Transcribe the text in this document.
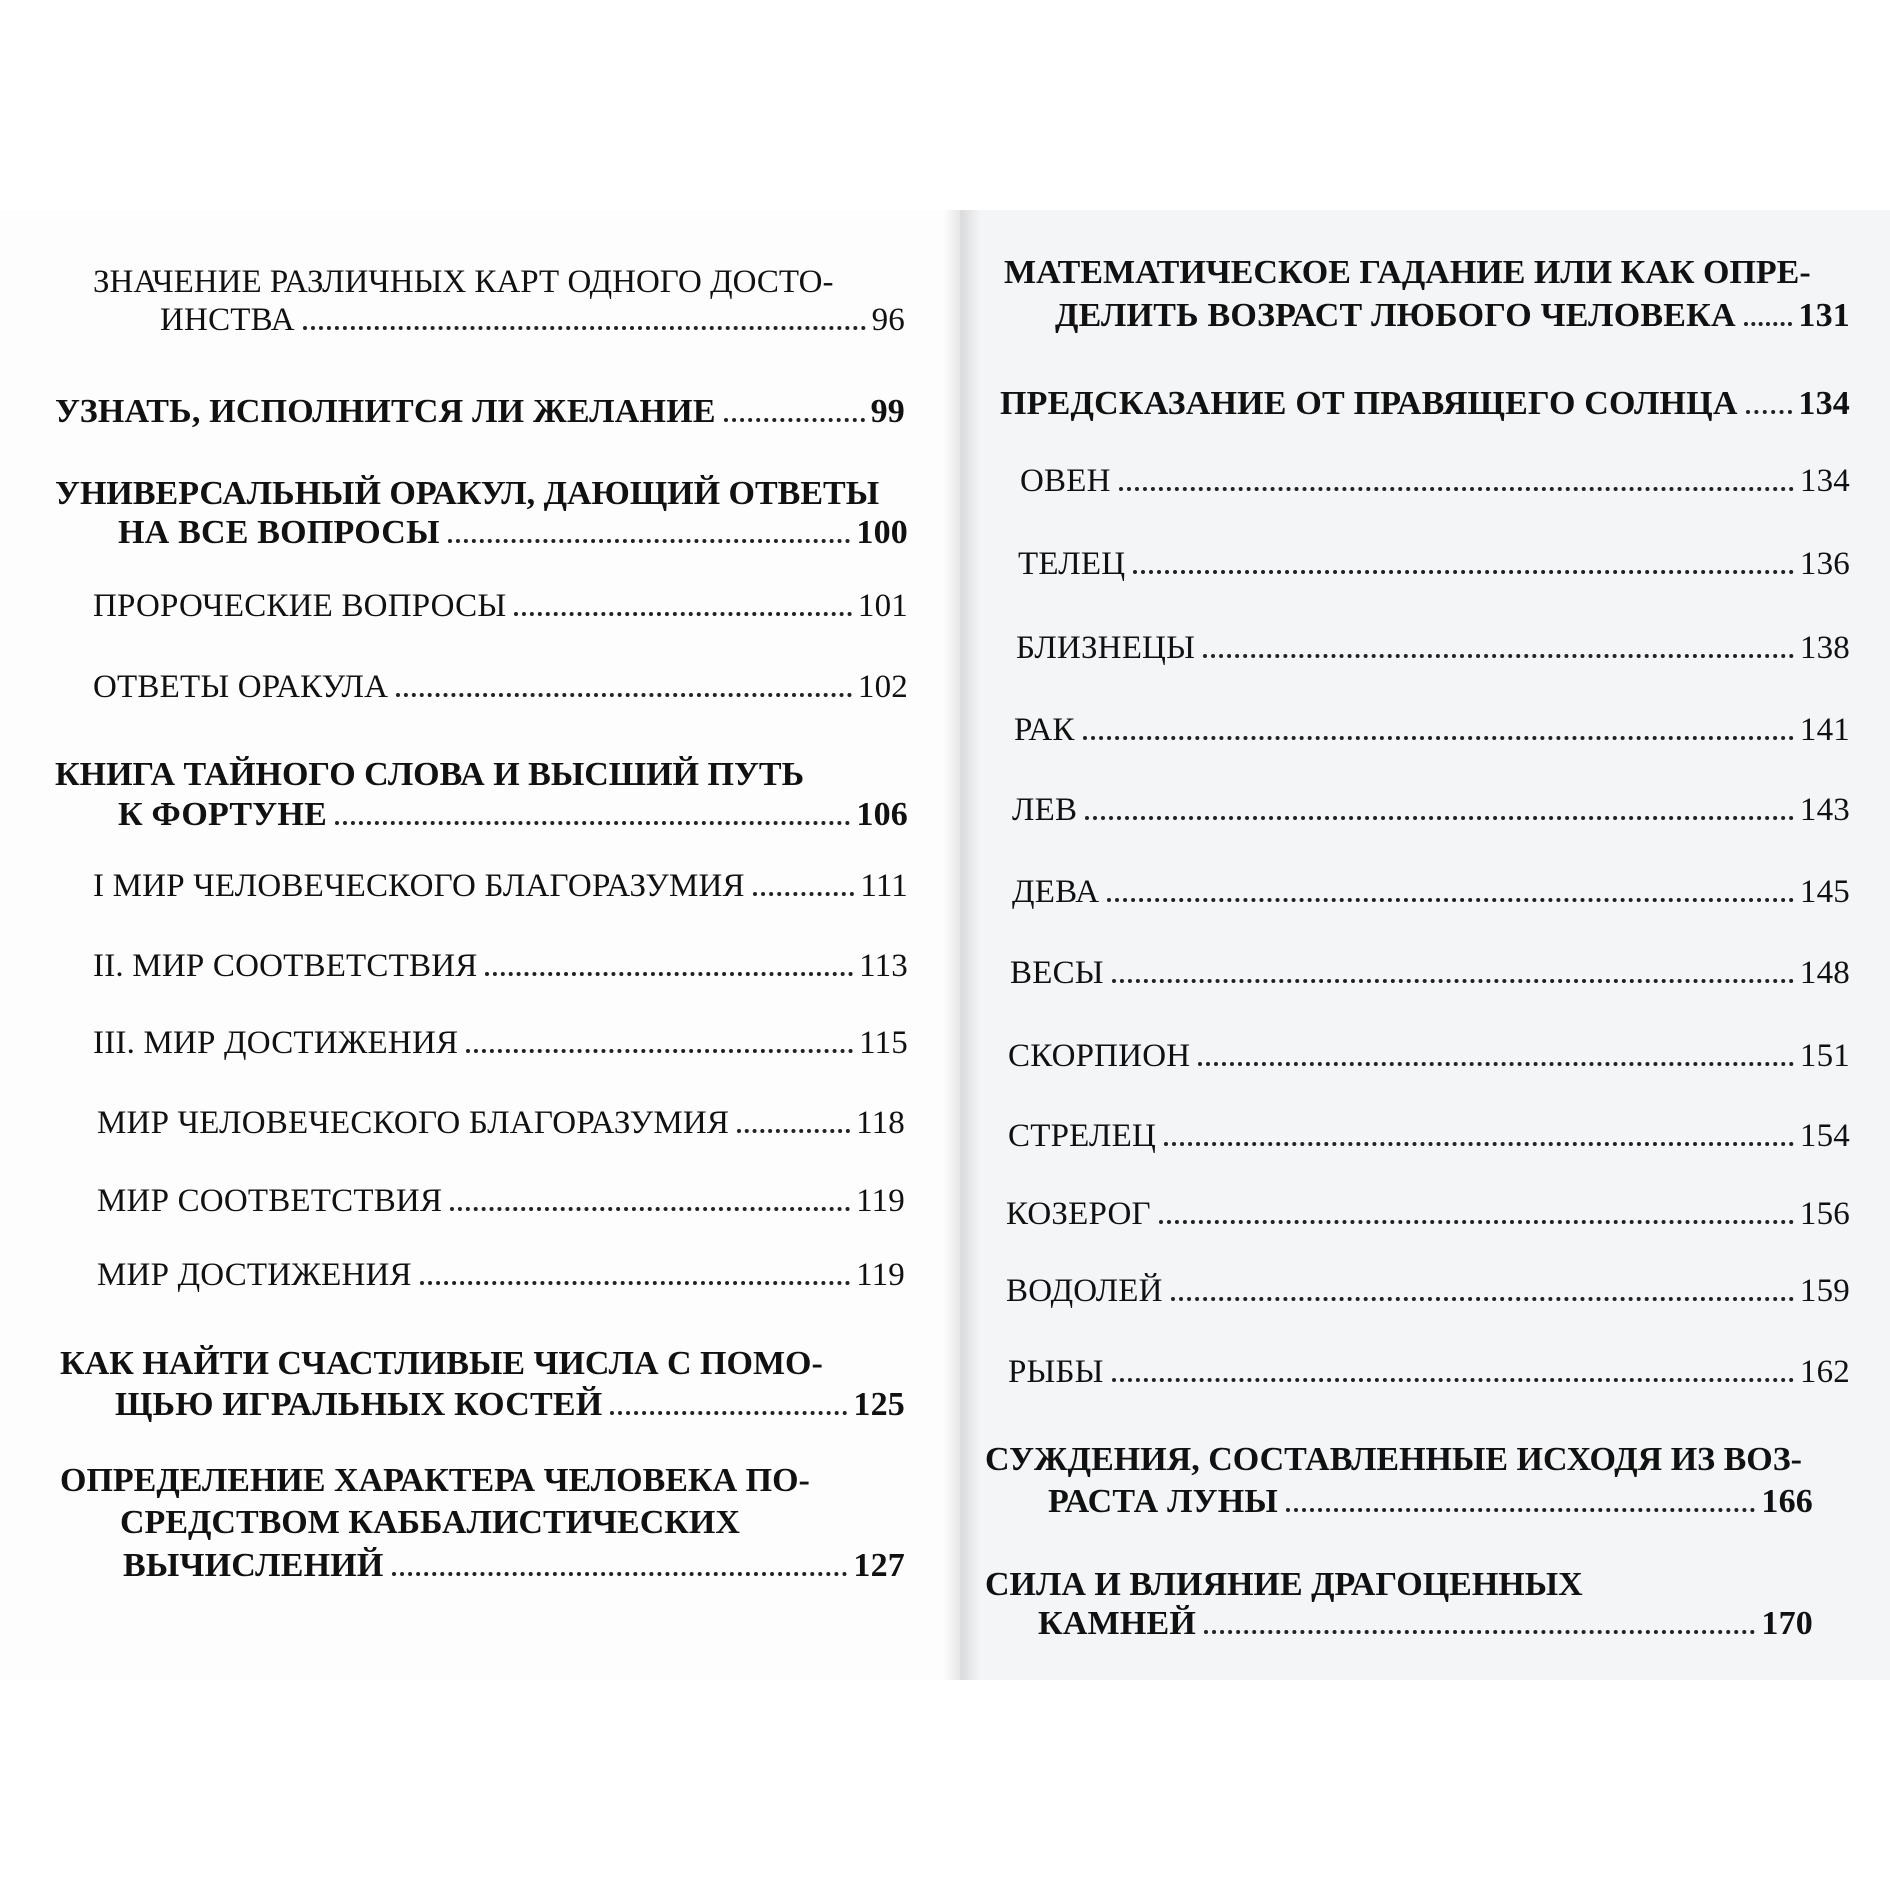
ЗНАЧЕНИЕ РАЗЛИЧНЫХ КАРТ ОДНОГО ДОСТО-
ИНСТВА	96
УЗНАТЬ, ИСПОЛНИТСЯ ЛИ ЖЕЛАНИЕ	99
УНИВЕРСАЛЬНЫЙ ОРАКУЛ, ДАЮЩИЙ ОТВЕТЫ
НА ВСЕ ВОПРОСЫ	100
ПРОРОЧЕСКИЕ ВОПРОСЫ	101
ОТВЕТЫ ОРАКУЛА	102
КНИГА ТАЙНОГО СЛОВА И ВЫСШИЙ ПУТЬ
К ФОРТУНЕ	106
I МИР ЧЕЛОВЕЧЕСКОГО БЛАГОРАЗУМИЯ	111
II. МИР СООТВЕТСТВИЯ	113
III. МИР ДОСТИЖЕНИЯ	115
МИР ЧЕЛОВЕЧЕСКОГО БЛАГОРАЗУМИЯ	118
МИР СООТВЕТСТВИЯ	119
МИР ДОСТИЖЕНИЯ	119
КАК НАЙТИ СЧАСТЛИВЫЕ ЧИСЛА С ПОМО-
ЩЬЮ ИГРАЛЬНЫХ КОСТЕЙ	125
ОПРЕДЕЛЕНИЕ ХАРАКТЕРА ЧЕЛОВЕКА ПО-
СРЕДСТВОМ КАББАЛИСТИЧЕСКИХ
ВЫЧИСЛЕНИЙ	127
МАТЕМАТИЧЕСКОЕ ГАДАНИЕ ИЛИ КАК ОПРЕ-
ДЕЛИТЬ ВОЗРАСТ ЛЮБОГО ЧЕЛОВЕКА 131
ПРЕДСКАЗАНИЕ ОТ ПРАВЯЩЕГО СОЛНЦА 134
ОВЕН	134
ТЕЛЕЦ	136
БЛИЗНЕЦЫ	138
РАК	141
ЛЕВ	143
ДЕВА	145
ВЕСЫ	148
СКОРПИОН	151
СТРЕЛЕЦ	154
КОЗЕРОГ	156
ВОДОЛЕЙ	159
РЫБЫ	162
СУЖДЕНИЯ, СОСТАВЛЕННЫЕ ИСХОДЯ ИЗ ВОЗ-
РАСТА ЛУНЫ	166
СИЛА И ВЛИЯНИЕ ДРАГОЦЕННЫХ
КАМНЕЙ	170
